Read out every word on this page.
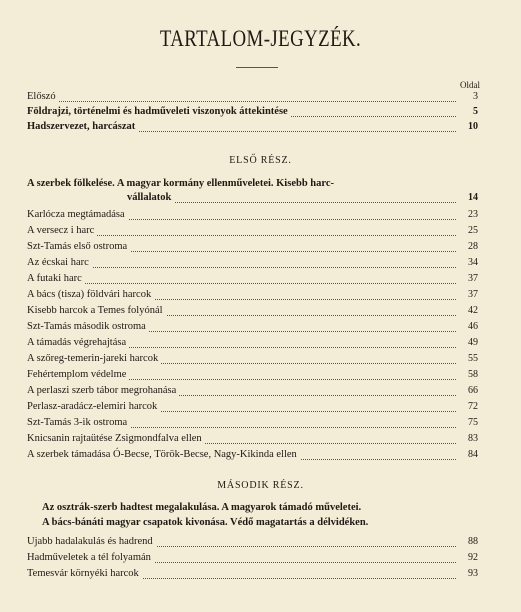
TARTALOM-JEGYZÉK.
Oldal
Előszó	3
Földrajzi, történelmi és hadműveleti viszonyok áttekintése	5
Hadszervezet, harcászat	10
ELSŐ RÉSZ.
A szerbek fölkelése. A magyar kormány ellenműveletei. Kisebb harc-
vállalatok	14
Karlócza megtámadása	23
A versecz i harc	25
Szt-Tamás első ostroma	28
Az écskai harc	34
A futaki harc	37
A bács (tisza) földvári harcok	37
Kisebb harcok a Temes folyónál	42
Szt-Tamás második ostroma	46
A támadás végrehajtása	49
A szőreg-temerin-jareki harcok	55
Fehértemplom védelme	58
A perlaszi szerb tábor megrohanása	66
Perlasz-aradácz-elemiri harcok	72
Szt-Tamás 3-ik ostroma	75
Knicsanin rajtaütése Zsigmondfalva ellen	83
A szerbek támadása Ó-Becse, Török-Becse, Nagy-Kikinda ellen	84
MÁSODIK RÉSZ.
Az osztrák-szerb hadtest megalakulása. A magyarok támadó műveletei.
A bács-bánáti magyar csapatok kivonása. Védő magatartás a délvidéken.
Ujabb hadalakulás és hadrend	88
Hadműveletek a tél folyamán	92
Temesvár környéki harcok	93
